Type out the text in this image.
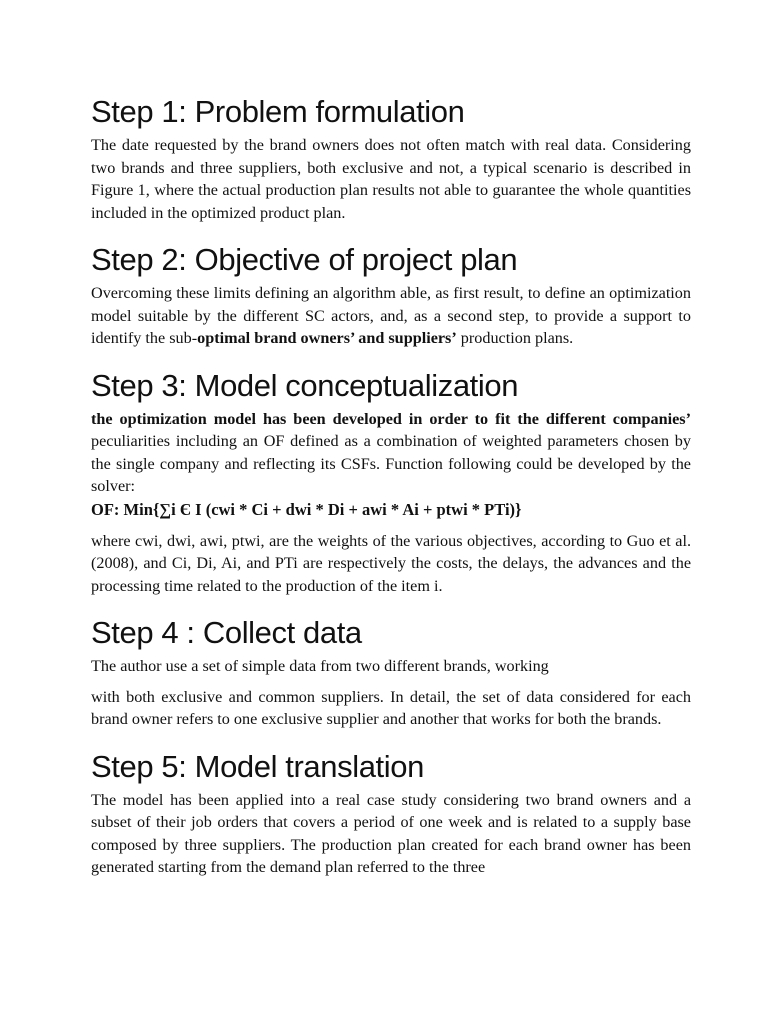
Step 1: Problem formulation

The date requested by the brand owners does not often match with real data. Considering two brands and three suppliers, both exclusive and not, a typical scenario is described in Figure 1, where the actual production plan results not able to guarantee the whole quantities included in the optimized product plan.

Step 2: Objective of project plan

Overcoming these limits defining an algorithm able, as first result, to define an optimization model suitable by the different SC actors, and, as a second step, to provide a support to identify the sub-optimal brand owners’ and suppliers’ production plans.

Step 3: Model conceptualization

the optimization model has been developed in order to fit the different companies’ peculiarities including an OF defined as a combination of weighted parameters chosen by the single company and reflecting its CSFs. Function following could be developed by the solver:

OF: Min{∑i Є I (cwi * Ci + dwi * Di + awi * Ai + ptwi * PTi)}

where cwi, dwi, awi, ptwi, are the weights of the various objectives, according to Guo et al. (2008), and Ci, Di, Ai, and PTi are respectively the costs, the delays, the advances and the processing time related to the production of the item i.

Step 4 : Collect data

The author use a set of simple data from two different brands, working

with both exclusive and common suppliers. In detail, the set of data considered for each brand owner refers to one exclusive supplier and another that works for both the brands.

Step 5: Model translation

The model has been applied into a real case study considering two brand owners and a subset of their job orders that covers a period of one week and is related to a supply base composed by three suppliers. The production plan created for each brand owner has been generated starting from the demand plan referred to the three
